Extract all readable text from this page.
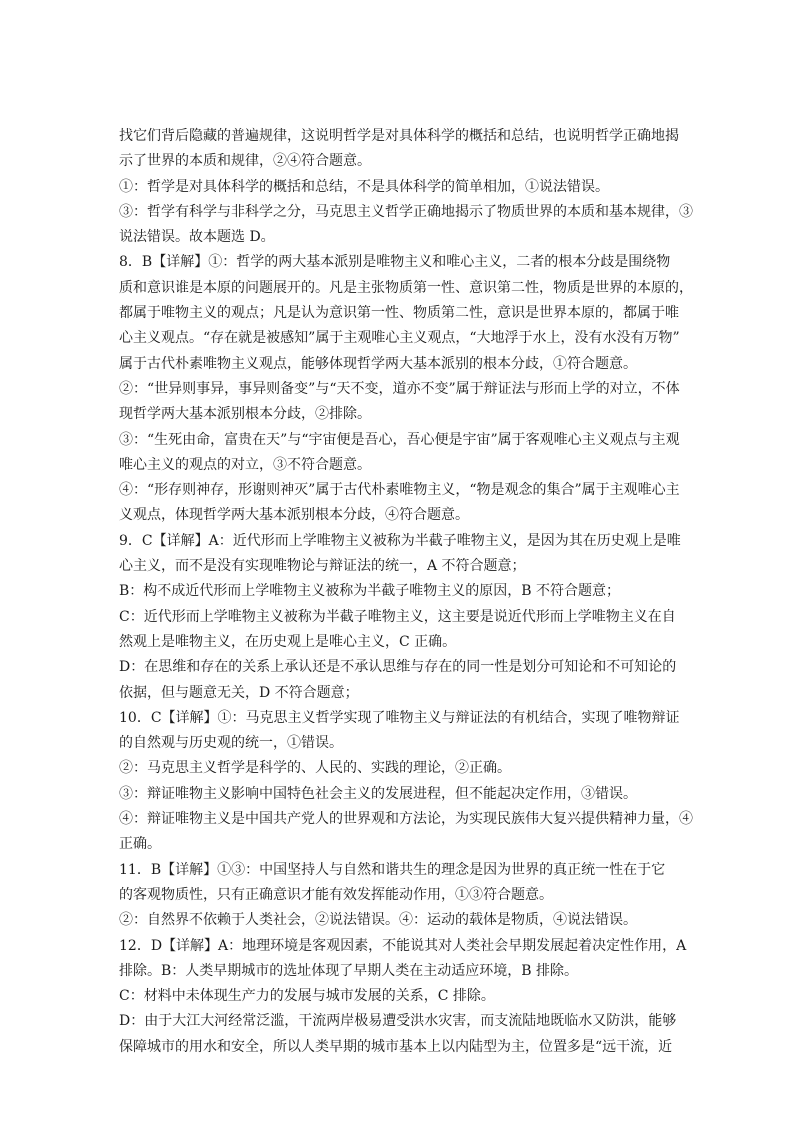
找它们背后隐藏的普遍规律，这说明哲学是对具体科学的概括和总结，也说明哲学正确地揭
示了世界的本质和规律，②④符合题意。
①：哲学是对具体科学的概括和总结，不是具体科学的简单相加，①说法错误。
③：哲学有科学与非科学之分，马克思主义哲学正确地揭示了物质世界的本质和基本规律，③
说法错误。故本题选 D。
8．B【详解】①：哲学的两大基本派别是唯物主义和唯心主义，二者的根本分歧是围绕物
质和意识谁是本原的问题展开的。凡是主张物质第一性、意识第二性，物质是世界的本原的，
都属于唯物主义的观点；凡是认为意识第一性、物质第二性，意识是世界本原的，都属于唯
心主义观点。“存在就是被感知”属于主观唯心主义观点，“大地浮于水上，没有水没有万物”
属于古代朴素唯物主义观点，能够体现哲学两大基本派别的根本分歧，①符合题意。
②：“世异则事异，事异则备变”与“天不变，道亦不变”属于辩证法与形而上学的对立，不体
现哲学两大基本派别根本分歧，②排除。
③：“生死由命，富贵在天”与“宇宙便是吾心，吾心便是宇宙”属于客观唯心主义观点与主观
唯心主义的观点的对立，③不符合题意。
④：“形存则神存，形谢则神灭”属于古代朴素唯物主义，“物是观念的集合”属于主观唯心主
义观点，体现哲学两大基本派别根本分歧，④符合题意。
9．C【详解】A：近代形而上学唯物主义被称为半截子唯物主义，是因为其在历史观上是唯
心主义，而不是没有实现唯物论与辩证法的统一，A 不符合题意；
B：构不成近代形而上学唯物主义被称为半截子唯物主义的原因，B 不符合题意；
C：近代形而上学唯物主义被称为半截子唯物主义，这主要是说近代形而上学唯物主义在自
然观上是唯物主义，在历史观上是唯心主义，C 正确。
D：在思维和存在的关系上承认还是不承认思维与存在的同一性是划分可知论和不可知论的
依据，但与题意无关，D 不符合题意；
10．C【详解】①：马克思主义哲学实现了唯物主义与辩证法的有机结合，实现了唯物辩证
的自然观与历史观的统一，①错误。
②：马克思主义哲学是科学的、人民的、实践的理论，②正确。
③：辩证唯物主义影响中国特色社会主义的发展进程，但不能起决定作用，③错误。
④：辩证唯物主义是中国共产党人的世界观和方法论，为实现民族伟大复兴提供精神力量，④
正确。
11．B【详解】①③：中国坚持人与自然和谐共生的理念是因为世界的真正统一性在于它
的客观物质性，只有正确意识才能有效发挥能动作用，①③符合题意。
②：自然界不依赖于人类社会，②说法错误。④：运动的载体是物质，④说法错误。
12．D【详解】A：地理环境是客观因素，不能说其对人类社会早期发展起着决定性作用，A
排除。B：人类早期城市的选址体现了早期人类在主动适应环境，B 排除。
C：材料中未体现生产力的发展与城市发展的关系，C 排除。
D：由于大江大河经常泛滥，干流两岸极易遭受洪水灾害，而支流陆地既临水又防洪，能够
保障城市的用水和安全，所以人类早期的城市基本上以内陆型为主，位置多是“远干流，近
